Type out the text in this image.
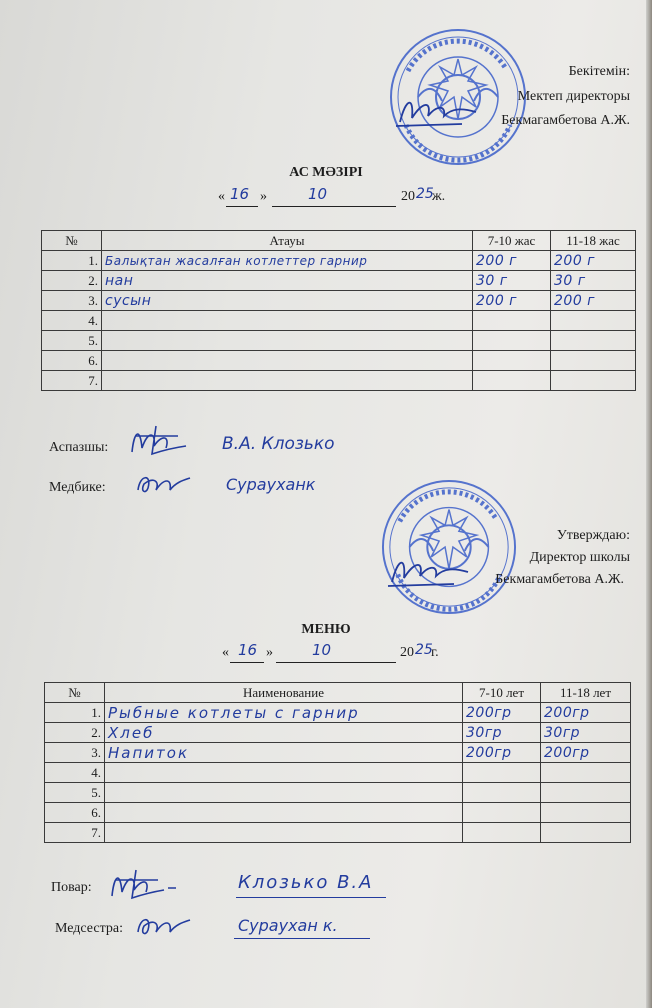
Бекітемін:
Мектеп директоры
Бекмагамбетова А.Ж.
АС МӘЗІРІ
« 16 »	10	20 25
ж.
№	Атауы	7-10 жас	11-18 жас
1.	Балықтан жасалған котлеттер гарнир	200 г	200 г
2.	нан	30 г	30 г
3.	сусын	200 г	200 г
4.			
5.			
6.			
7.			
Аспазшы:	В.А. Клозько
Медбике:	Сурауханк
Утверждаю:
Директор школы
Бекмагамбетова А.Ж.
МЕНЮ
« 16 »	10	20 25
г.
№	Наименование	7-10 лет	11-18 лет
1.	Рыбные котлеты с гарнир	200гр	200гр
2.	Хлеб	30гр	30гр
3.	Напиток	200гр	200гр
4.			
5.			
6.			
7.			
Повар:	Клозько В.А
Медсестра:	Сураухан к.
